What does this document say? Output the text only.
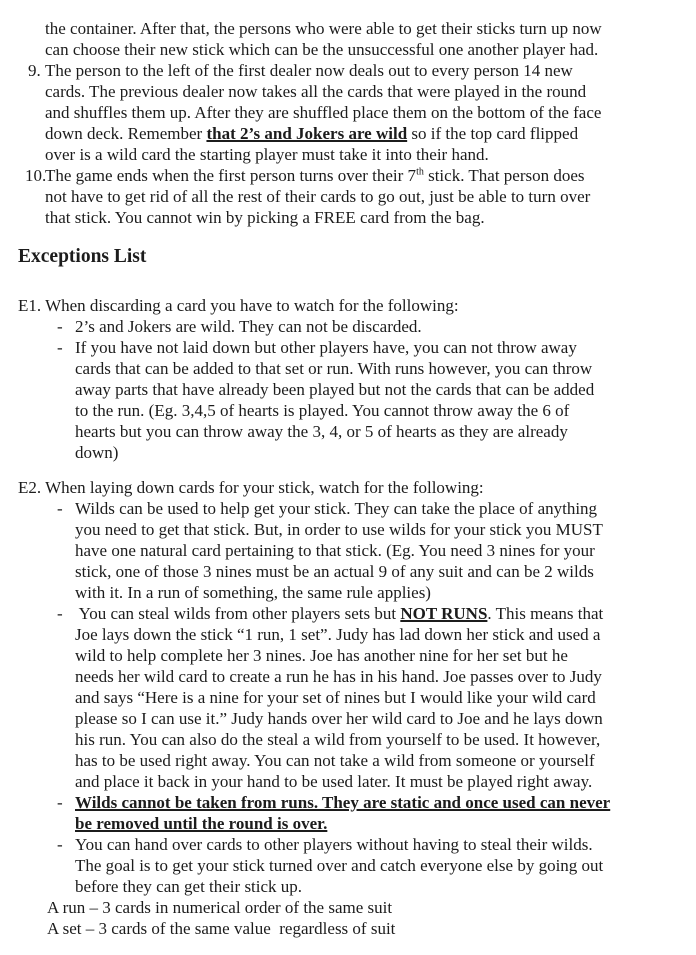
the container. After that, the persons who were able to get their sticks turn up now
can choose their new stick which can be the unsuccessful one another player had.
9. The person to the left of the first dealer now deals out to every person 14 new
cards. The previous dealer now takes all the cards that were played in the round
and shuffles them up. After they are shuffled place them on the bottom of the face
down deck. Remember that 2’s and Jokers are wild so if the top card flipped
over is a wild card the starting player must take it into their hand.
10.
The game ends when the first person turns over their 7th stick. That person does
not have to get rid of all the rest of their cards to go out, just be able to turn over
that stick. You cannot win by picking a FREE card from the bag.
Exceptions List
E1. When discarding a card you have to watch for the following:
- 2’s and Jokers are wild. They can not be discarded.
- If you have not laid down but other players have, you can not throw away
cards that can be added to that set or run. With runs however, you can throw
away parts that have already been played but not the cards that can be added
to the run. (Eg. 3,4,5 of hearts is played. You cannot throw away the 6 of
hearts but you can throw away the 3, 4, or 5 of hearts as they are already
down)
E2. When laying down cards for your stick, watch for the following:
- Wilds can be used to help get your stick. They can take the place of anything
you need to get that stick. But, in order to use wilds for your stick you MUST
have one natural card pertaining to that stick. (Eg. You need 3 nines for your
stick, one of those 3 nines must be an actual 9 of any suit and can be 2 wilds
with it. In a run of something, the same rule applies)
- You can steal wilds from other players sets but NOT RUNS. This means that
Joe lays down the stick “1 run, 1 set”. Judy has lad down her stick and used a
wild to help complete her 3 nines. Joe has another nine for her set but he
needs her wild card to create a run he has in his hand. Joe passes over to Judy
and says “Here is a nine for your set of nines but I would like your wild card
please so I can use it.” Judy hands over her wild card to Joe and he lays down
his run. You can also do the steal a wild from yourself to be used. It however,
has to be used right away. You can not take a wild from someone or yourself
and place it back in your hand to be used later. It must be played right away.
- Wilds cannot be taken from runs. They are static and once used can never
be removed until the round is over.
- You can hand over cards to other players without having to steal their wilds.
The goal is to get your stick turned over and catch everyone else by going out
before they can get their stick up.
A run – 3 cards in numerical order of the same suit
A set – 3 cards of the same value  regardless of suit
